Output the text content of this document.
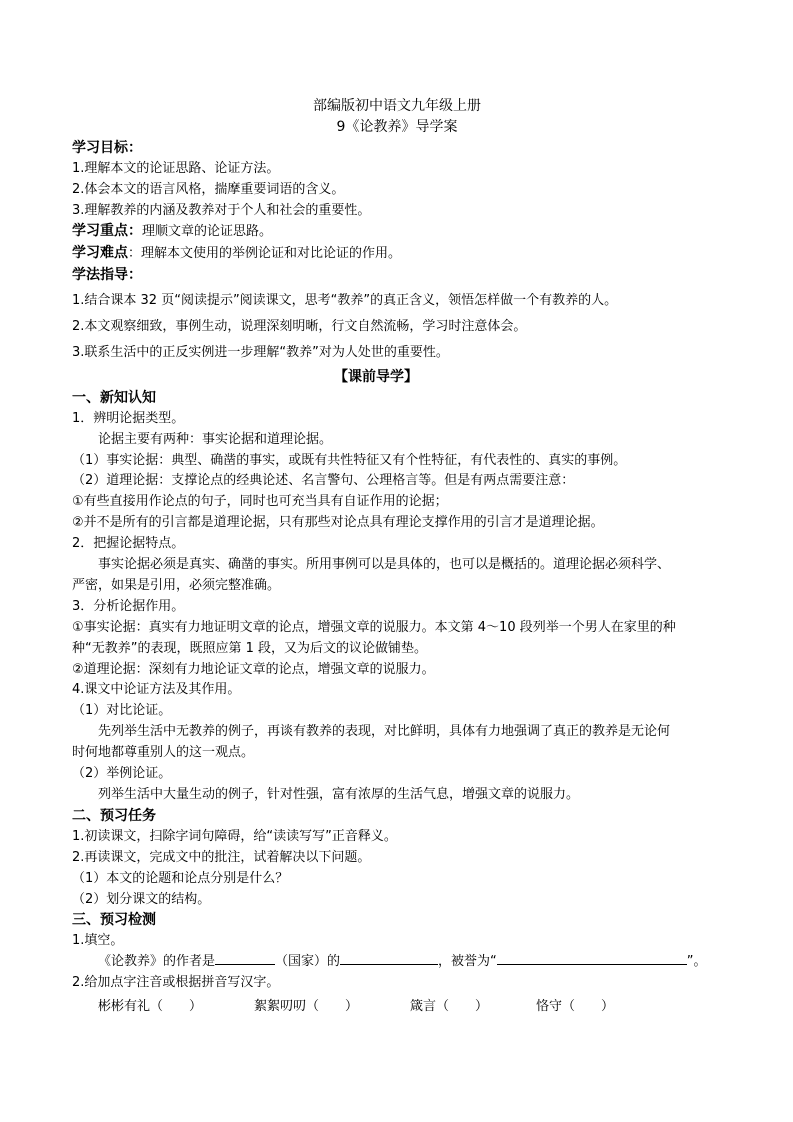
部编版初中语文九年级上册
9《论教养》导学案
学习目标：
1.理解本文的论证思路、论证方法。
2.体会本文的语言风格，揣摩重要词语的含义。
3.理解教养的内涵及教养对于个人和社会的重要性。
学习重点：理顺文章的论证思路。
学习难点：理解本文使用的举例论证和对比论证的作用。
学法指导：
1.结合课本 32 页“阅读提示”阅读课文，思考“教养”的真正含义，领悟怎样做一个有教养的人。
2.本文观察细致，事例生动，说理深刻明晰，行文自然流畅，学习时注意体会。
3.联系生活中的正反实例进一步理解“教养”对为人处世的重要性。
【课前导学】
一、新知认知
1．辨明论据类型。
论据主要有两种：事实论据和道理论据。
（1）事实论据：典型、确凿的事实，或既有共性特征又有个性特征，有代表性的、真实的事例。
（2）道理论据：支撑论点的经典论述、名言警句、公理格言等。但是有两点需要注意：
①有些直接用作论点的句子，同时也可充当具有自证作用的论据；
②并不是所有的引言都是道理论据，只有那些对论点具有理论支撑作用的引言才是道理论据。
2．把握论据特点。
事实论据必须是真实、确凿的事实。所用事例可以是具体的，也可以是概括的。道理论据必须科学、
严密，如果是引用，必须完整准确。
3．分析论据作用。
①事实论据：真实有力地证明文章的论点，增强文章的说服力。本文第 4～10 段列举一个男人在家里的种
种“无教养”的表现，既照应第 1 段，又为后文的议论做铺垫。
②道理论据：深刻有力地论证文章的论点，增强文章的说服力。
4.课文中论证方法及其作用。
（1）对比论证。
先列举生活中无教养的例子，再谈有教养的表现，对比鲜明，具体有力地强调了真正的教养是无论何
时何地都尊重别人的这一观点。
（2）举例论证。
列举生活中大量生动的例子，针对性强，富有浓厚的生活气息，增强文章的说服力。
二、预习任务
1.初读课文，扫除字词句障碍，给“读读写写”正音释义。
2.再读课文，完成文中的批注，试着解决以下问题。
（1）本文的论题和论点分别是什么？
（2）划分课文的结构。
三、预习检测
1.填空。
《论教养》的作者是	（国家）的	，被誉为“	”。
2.给加点字注音或根据拼音写汉字。
彬彬有礼（　　）	絮絮叨叨（　　）	箴言（　　）	恪守（　　）
